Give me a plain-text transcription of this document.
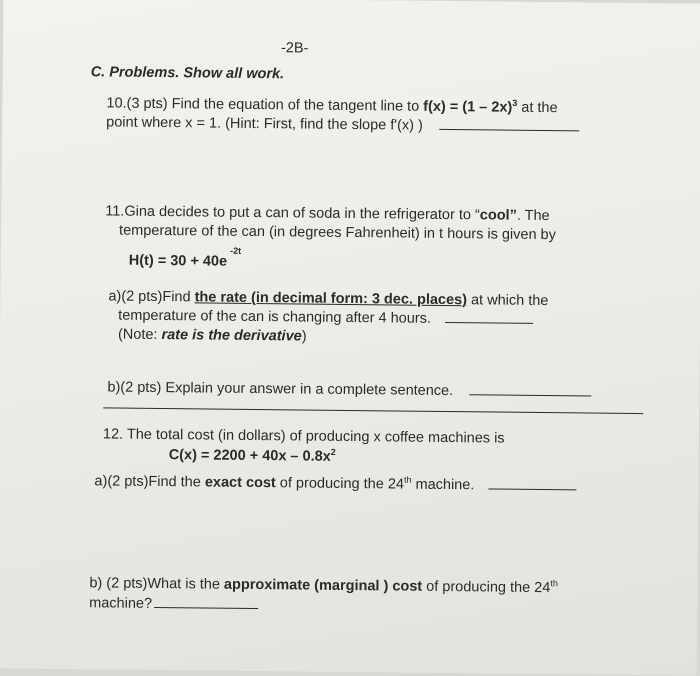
-2B-
C. Problems. Show all work.
10.(3 pts) Find the equation of the tangent line to f(x) = (1 – 2x)$^3$ at the
point where x = 1. (Hint: First, find the slope f'(x) )
11.Gina decides to put a can of soda in the refrigerator to “cool”. The
temperature of the can (in degrees Fahrenheit) in t hours is given by
$H(t) = 30 + 40e^{-2t}$
a)(2 pts)Find the rate (in decimal form: 3 dec. places) at which the
temperature of the can is changing after 4 hours.
(Note: rate is the derivative)
b)(2 pts) Explain your answer in a complete sentence.
12. The total cost (in dollars) of producing x coffee machines is
$C(x) = 2200 + 40x - 0.8x^2$
a)(2 pts)Find the exact cost of producing the 24th machine.
b) (2 pts)What is the approximate (marginal ) cost of producing the 24th
machine?
